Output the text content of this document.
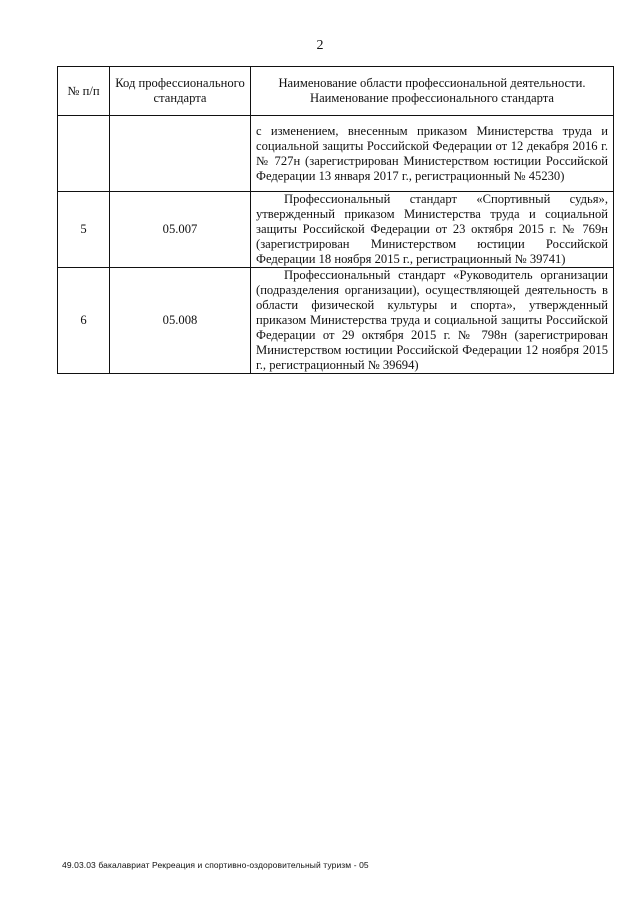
2
№ п/п	Код профессионального стандарта	Наименование области профессиональной деятельности.
Наименование профессионального стандарта

		с изменением, внесенным приказом Министерства труда и социальной защиты Российской Федерации от 12 декабря 2016 г. № 727н (зарегистрирован Министерством юстиции Российской Федерации 13 января 2017 г., регистрационный № 45230)
5	05.007	Профессиональный стандарт «Спортивный судья», утвержденный приказом Министерства труда и социальной защиты Российской Федерации от 23 октября 2015 г. № 769н (зарегистрирован Министерством юстиции Российской Федерации 18 ноября 2015 г., регистрационный № 39741)
6	05.008	Профессиональный стандарт «Руководитель организации (подразделения организации), осуществляющей деятельность в области физической культуры и спорта», утвержденный приказом Министерства труда и социальной защиты Российской Федерации от 29 октября 2015 г. № 798н (зарегистрирован Министерством юстиции Российской Федерации 12 ноября 2015 г., регистрационный № 39694)
49.03.03 бакалавриат Рекреация и спортивно-оздоровительный туризм - 05
